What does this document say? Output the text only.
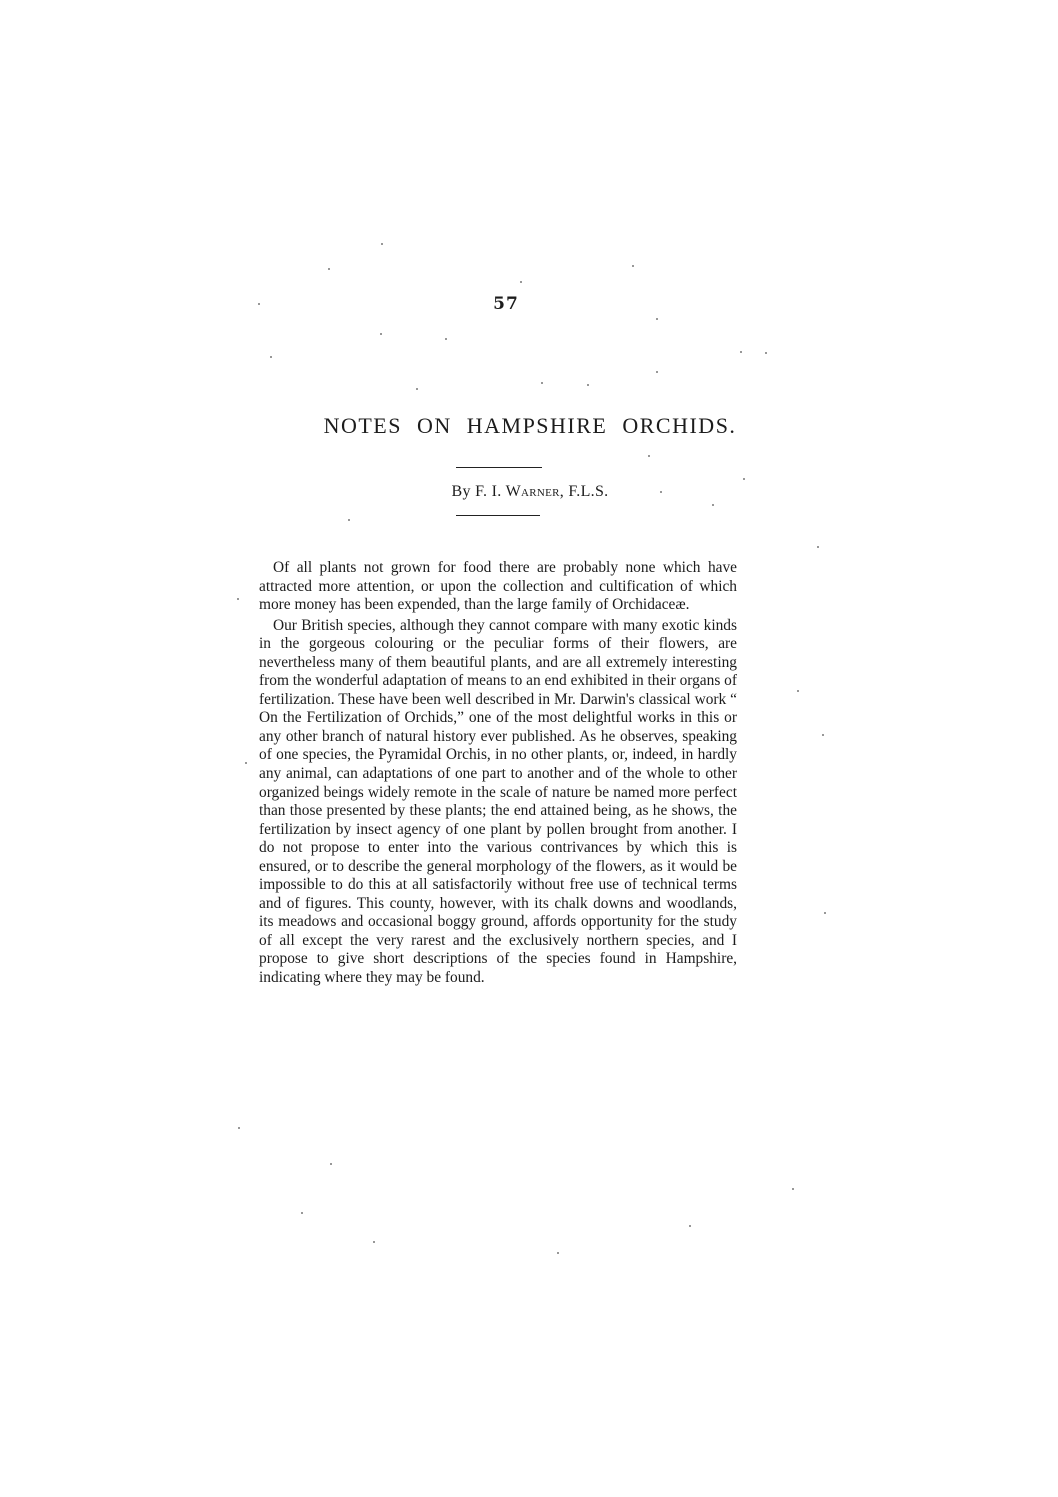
57
NOTES ON HAMPSHIRE ORCHIDS.
By F. I. Warner, F.L.S.

Of all plants not grown for food there are probably none which have attracted more attention, or upon the collection and cultification of which more money has been expended, than the large family of Orchidaceæ.

Our British species, although they cannot compare with many exotic kinds in the gorgeous colouring or the peculiar forms of their flowers, are nevertheless many of them beautiful plants, and are all extremely interesting from the wonderful adaptation of means to an end exhibited in their organs of fertilization. These have been well described in Mr. Darwin's classical work “ On the Fertilization of Orchids,” one of the most delightful works in this or any other branch of natural history ever published. As he observes, speaking of one species, the Pyramidal Orchis, in no other plants, or, indeed, in hardly any animal, can adaptations of one part to another and of the whole to other organized beings widely remote in the scale of nature be named more perfect than those presented by these plants; the end attained being, as he shows, the fertilization by insect agency of one plant by pollen brought from another. I do not propose to enter into the various contrivances by which this is ensured, or to describe the general morphology of the flowers, as it would be impossible to do this at all satisfactorily without free use of technical terms and of figures. This county, however, with its chalk downs and woodlands, its meadows and occasional boggy ground, affords opportunity for the study of all except the very rarest and the exclusively northern species, and I propose to give short descriptions of the species found in Hampshire, indicating where they may be found.
